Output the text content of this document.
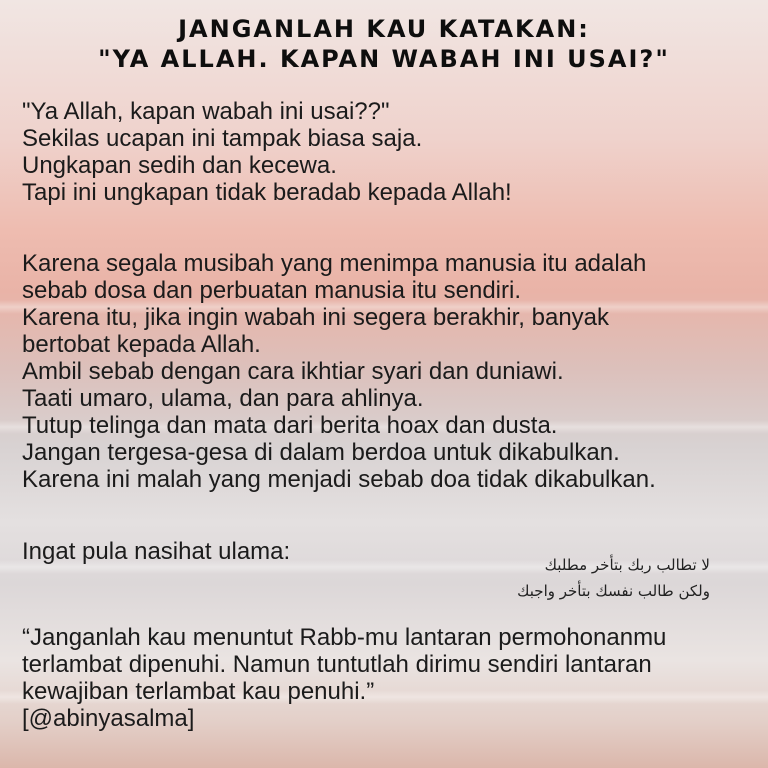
JANGANLAH KAU KATAKAN:
"YA ALLAH. KAPAN WABAH INI USAI?"
"Ya Allah, kapan wabah ini usai??"
Sekilas ucapan ini tampak biasa saja.
Ungkapan sedih dan kecewa.
Tapi ini ungkapan tidak beradab kepada Allah!
Karena segala musibah yang menimpa manusia itu adalah
sebab dosa dan perbuatan manusia itu sendiri.
Karena itu, jika ingin wabah ini segera berakhir, banyak
bertobat kepada Allah.
Ambil sebab dengan cara ikhtiar syari dan duniawi.
Taati umaro, ulama, dan para ahlinya.
Tutup telinga dan mata dari berita hoax dan dusta.
Jangan tergesa-gesa di dalam berdoa untuk dikabulkan.
Karena ini malah yang menjadi sebab doa tidak dikabulkan.
Ingat pula nasihat ulama:	لا تطالب ربك بتأخر مطلبك
ولكن طالب نفسك بتأخر واجبك
“Janganlah kau menuntut Rabb-mu lantaran permohonanmu
terlambat dipenuhi. Namun tuntutlah dirimu sendiri lantaran
kewajiban terlambat kau penuhi.”
[@abinyasalma]
